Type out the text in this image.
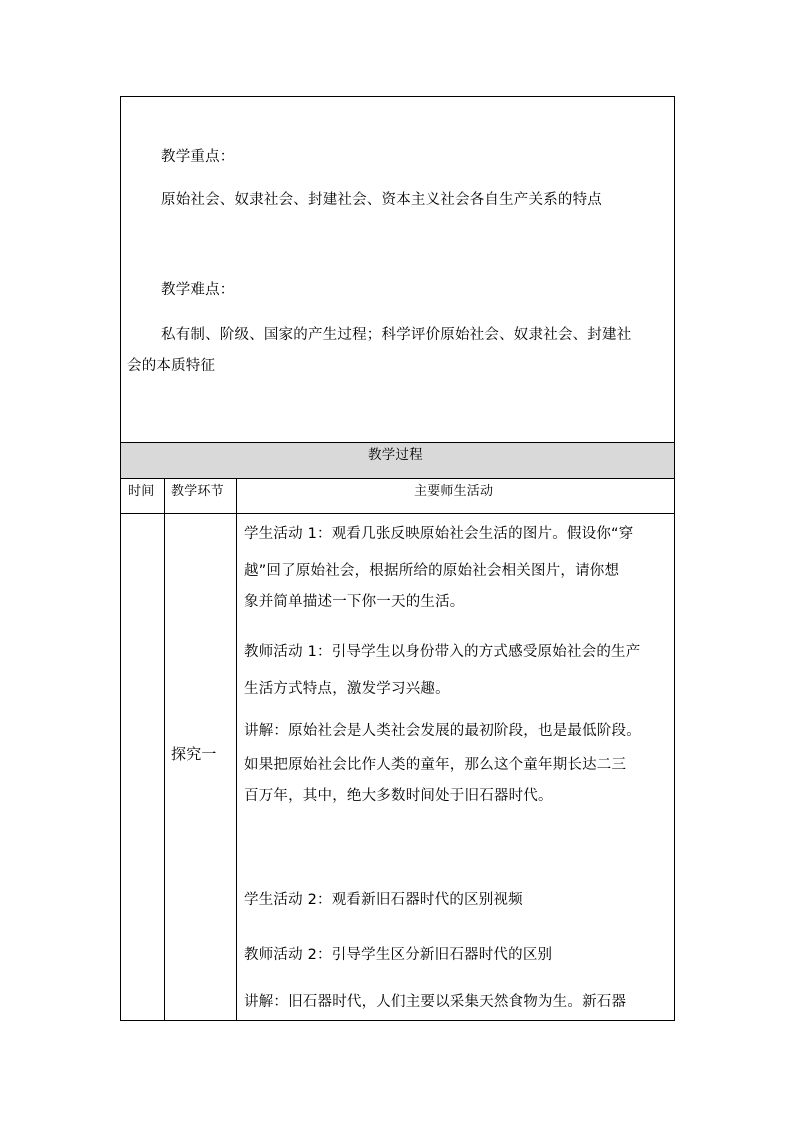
教学重点：
原始社会、奴隶社会、封建社会、资本主义社会各自生产关系的特点
教学难点：
私有制、阶级、国家的产生过程；科学评价原始社会、奴隶社会、封建社
会的本质特征
教学过程
时间 教学环节	主要师生活动
探究一
学生活动 1：观看几张反映原始社会生活的图片。假设你“穿
越”回了原始社会，根据所给的原始社会相关图片，请你想
象并简单描述一下你一天的生活。
教师活动 1：引导学生以身份带入的方式感受原始社会的生产
生活方式特点，激发学习兴趣。
讲解：原始社会是人类社会发展的最初阶段，也是最低阶段。
如果把原始社会比作人类的童年，那么这个童年期长达二三
百万年，其中，绝大多数时间处于旧石器时代。
学生活动 2：观看新旧石器时代的区别视频
教师活动 2：引导学生区分新旧石器时代的区别
讲解：旧石器时代，人们主要以采集天然食物为生。新石器
